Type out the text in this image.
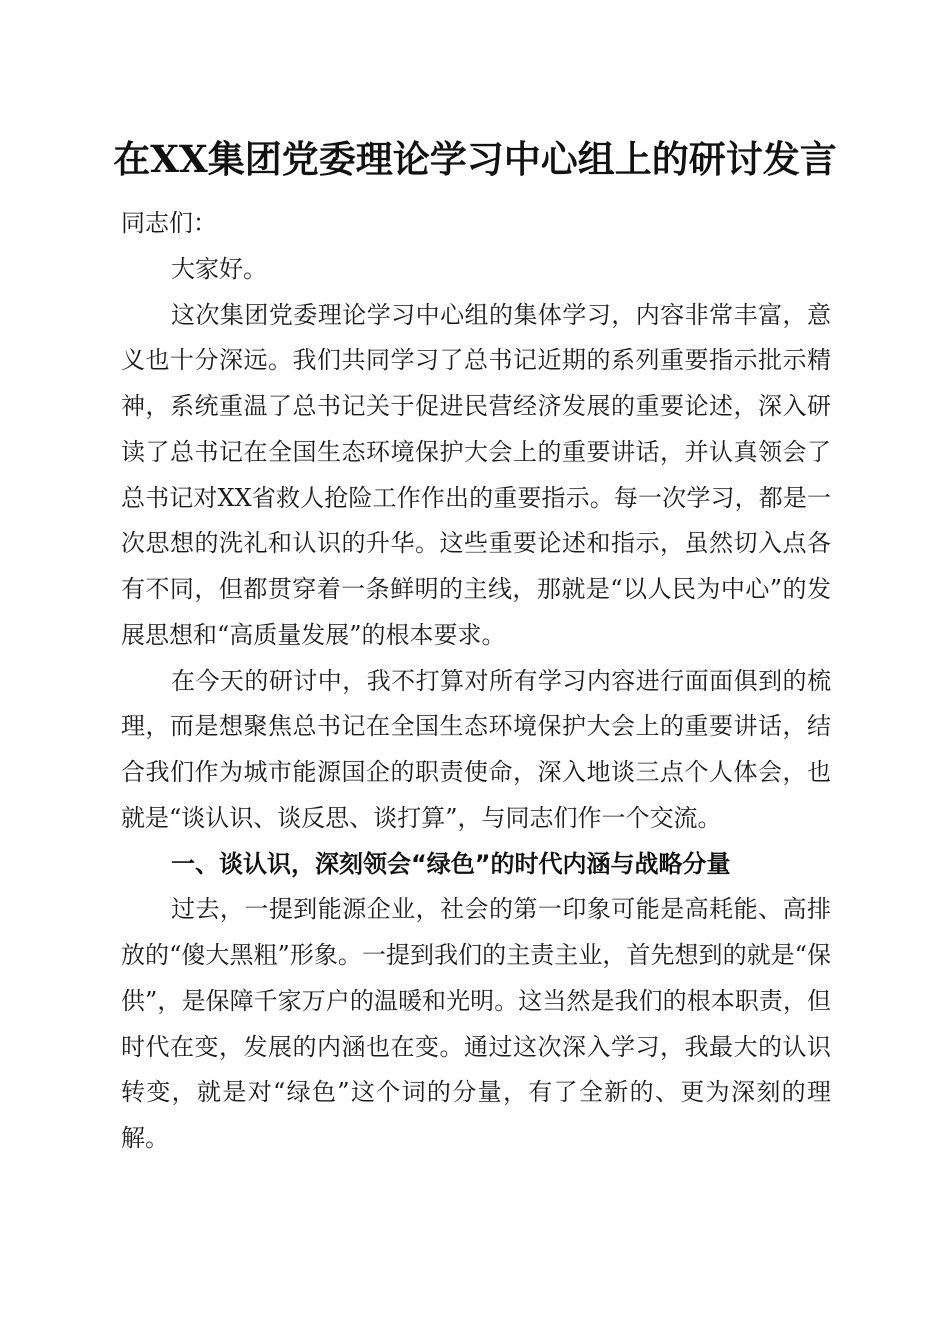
在XX集团党委理论学习中心组上的研讨发言

同志们：

大家好。

这次集团党委理论学习中心组的集体学习，内容非常丰富，意义也十分深远。我们共同学习了总书记近期的系列重要指示批示精神，系统重温了总书记关于促进民营经济发展的重要论述，深入研读了总书记在全国生态环境保护大会上的重要讲话，并认真领会了总书记对XX省救人抢险工作作出的重要指示。每一次学习，都是一次思想的洗礼和认识的升华。这些重要论述和指示，虽然切入点各有不同，但都贯穿着一条鲜明的主线，那就是“以人民为中心”的发展思想和“高质量发展”的根本要求。

在今天的研讨中，我不打算对所有学习内容进行面面俱到的梳理，而是想聚焦总书记在全国生态环境保护大会上的重要讲话，结合我们作为城市能源国企的职责使命，深入地谈三点个人体会，也就是“谈认识、谈反思、谈打算”，与同志们作一个交流。

一、谈认识，深刻领会“绿色”的时代内涵与战略分量

过去，一提到能源企业，社会的第一印象可能是高耗能、高排放的“傻大黑粗”形象。一提到我们的主责主业，首先想到的就是“保供”，是保障千家万户的温暖和光明。这当然是我们的根本职责，但时代在变，发展的内涵也在变。通过这次深入学习，我最大的认识转变，就是对“绿色”这个词的分量，有了全新的、更为深刻的理解。
